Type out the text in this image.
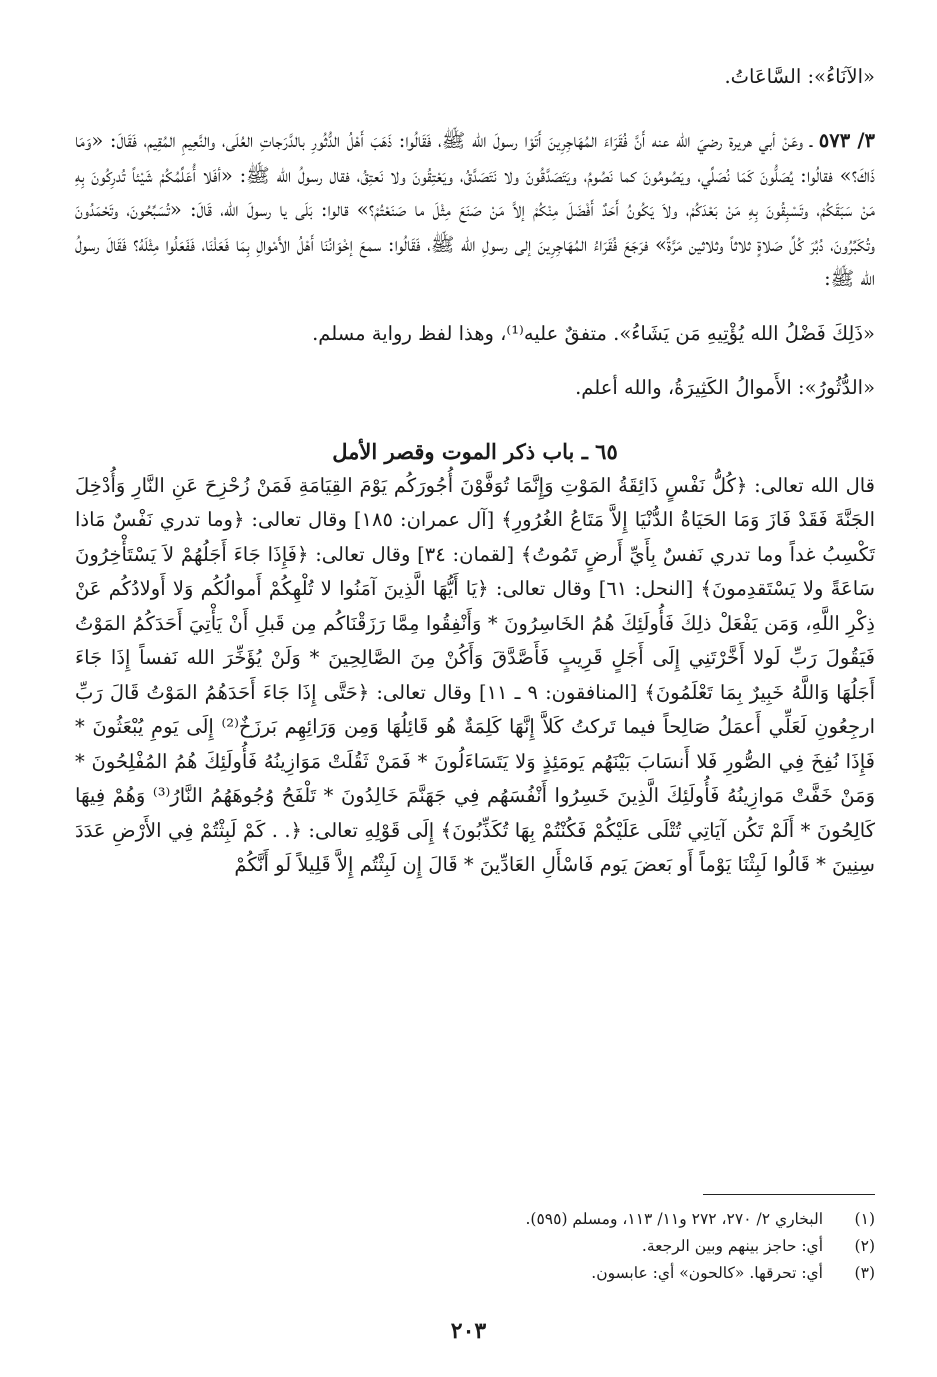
«الآنَاءُ»: السَّاعَاتُ.

٣/ ٥٧٣ ـ وعَنْ أبي هريرة رضيَ الله عنه أَنَّ فُقَرَاءَ المُهَاجِرِينَ أَتَوْا رسولَ الله ﷺ، فَقَالُوا: ذَهَبَ أَهْلُ الدُّثُورِ بالدَّرَجاتِ العُلَى، والنَّعِيمِ المُقِيم، فَقَالَ: «وَمَا ذَاكَ؟» فقالُوا: يُصَلُّونَ كَمَا نُصَلِّي، ويَصُومُونَ كما نَصُومُ، ويَتَصَدَّقُونَ ولا نَتَصَدَّقُ، ويَعْتِقُونَ ولا نَعتِقُ، فقال رسولُ الله ﷺ: «أفَلا أُعَلِّمُكُمْ شَيْئاً تُدرِكُونَ بِهِ مَنْ سَبَقَكُمْ، وتَسْبِقُونَ بِهِ مَنْ بَعْدَكُمْ، ولاَ يَكُونُ أَحَدٌ أَفْضَلَ مِنْكُمْ إلاَّ مَنْ صَنَعَ مِثْلَ ما صَنَعْتُمْ؟» قالوا: بَلَى يا رسولَ الله، قَالَ: «تُسَبِّحُونَ، وتَحْمَدُونَ وتُكَبِّرُونَ، دُبُرَ كُلِّ صَلاةٍ ثلاثاً وثلاثين مَرَّةً» فرَجَعَ فُقَرَاءُ المُهَاجِرِينَ إلى رسولِ الله ﷺ، فَقَالُوا: سمعَ إخْوَانُنَا أَهْلُ الأَمْوالِ بِمَا فَعَلْنَا، فَفَعَلُوا مِثْلَهُ؟ فَقَالَ رسولُ الله ﷺ:

«ذَلِكَ فَضْلُ الله يُؤْتِيهِ مَن يَشَاءُ». متفقٌ عليه⁽¹⁾، وهذا لفظ رواية مسلم.

«الدُّثُورُ»: الأَموالُ الكَثِيرَةُ، والله أعلم.

٦٥ ـ باب ذكر الموت وقصر الأمل

قال الله تعالى: ﴿كُلُّ نَفْسٍ ذَائِقَةُ المَوْتِ وَإِنَّمَا تُوَفَّوْنَ أُجُورَكُم يَوْمَ القِيَامَةِ فَمَنْ زُحْزِحَ عَنِ النَّارِ وَأُدْخِلَ الجَنَّةَ فَقَدْ فَازَ وَمَا الحَيَاةُ الدُّنْيَا إِلاَّ مَتَاعُ الغُرُورِ﴾ [آل عمران: ١٨٥] وقال تعالى: ﴿وما تدري نَفْسٌ مَاذا تَكْسِبُ غداً وما تدري نَفسٌ بِأَيِّ أَرضٍ تَمُوتُ﴾ [لقمان: ٣٤] وقال تعالى: ﴿فَإِذَا جَاءَ أَجَلُهُمْ لاَ يَسْتَأْخِرُونَ سَاعَةً ولا يَسْتَقدِمونَ﴾ [النحل: ٦١] وقال تعالى: ﴿يَا أَيُّهَا الَّذِينَ آمَنُوا لا تُلْهِكُمْ أَموالُكُم وَلا أَولادُكُم عَنْ ذِكْرِ اللَّهِ، وَمَن يَفْعَلْ ذلِكَ فَأُولَئِكَ هُمُ الخَاسِرُونَ * وَأَنْفِقُوا مِمَّا رَزَقْنَاكُم مِن قَبلِ أَنْ يَأْتِيَ أَحَدَكُمُ المَوْتُ فَيَقُولَ رَبِّ لَولا أَخَّرْتَنِي إِلَى أَجَلٍ قَرِيبٍ فَأَصَّدَّقَ وَأَكُنْ مِنَ الصَّالِحِينَ * وَلَنْ يُؤَخِّرَ الله نَفساً إِذَا جَاءَ أَجَلُهَا وَاللَّهُ خَبِيرٌ بِمَا تَعْلَمُونَ﴾ [المنافقون: ٩ ـ ١١] وقال تعالى: ﴿حَتَّى إِذَا جَاءَ أَحَدَهُمُ المَوْتُ قَالَ رَبِّ ارجِعُونِ لَعَلِّي أَعمَلُ صَالِحاً فيما تَركتُ كَلاَّ إِنَّهَا كَلِمَةٌ هُو قَائِلُهَا وَمِن وَرَائِهِم بَرزَخٌ⁽²⁾ إِلَى يَومِ يُبْعَثُونَ * فَإِذَا نُفِخَ فِي الصُّورِ فَلا أَنسَابَ بَيْنَهُم يَومَئِذٍ وَلا يَتَسَاءَلُونَ * فَمَنْ ثَقُلَتْ مَوَازِينُهُ فَأُولَئِكَ هُمُ المُفْلِحُونَ * وَمَنْ خَفَّتْ مَوازِينُهُ فَأُولَئِكَ الَّذِينَ خَسِرُوا أَنْفُسَهُم فِي جَهَنَّمَ خَالِدُونَ * تَلْفَحُ وُجُوهَهُمُ النَّارُ⁽³⁾ وَهُمْ فِيهَا كَالِحُونَ * أَلَمْ تَكُن آيَاتِي تُتْلَى عَلَيْكُمْ فَكُنْتُمْ بِهَا تُكَذِّبُونَ﴾ إِلَى قَوْلِهِ تعالى: ﴿. . كَمْ لَبِثْتُمْ فِي الأَرْضِ عَدَدَ سِنِينَ * قَالُوا لَبِثْنَا يَوْماً أَو بَعضَ يَوم فَاسْأَلِ العَادِّينَ * قَالَ إِن لَبِثْتُم إِلاَّ قَلِيلاً لَو أَنَّكُمْ

(١)
البخاري ٢/ ٢٧٠، ٢٧٢ و١١/ ١١٣، ومسلم (٥٩٥).
(٢)
أي: حاجز بينهم وبين الرجعة.
(٣)
أي: تحرقها. «كالحون» أي: عابسون.
٢٠٣
